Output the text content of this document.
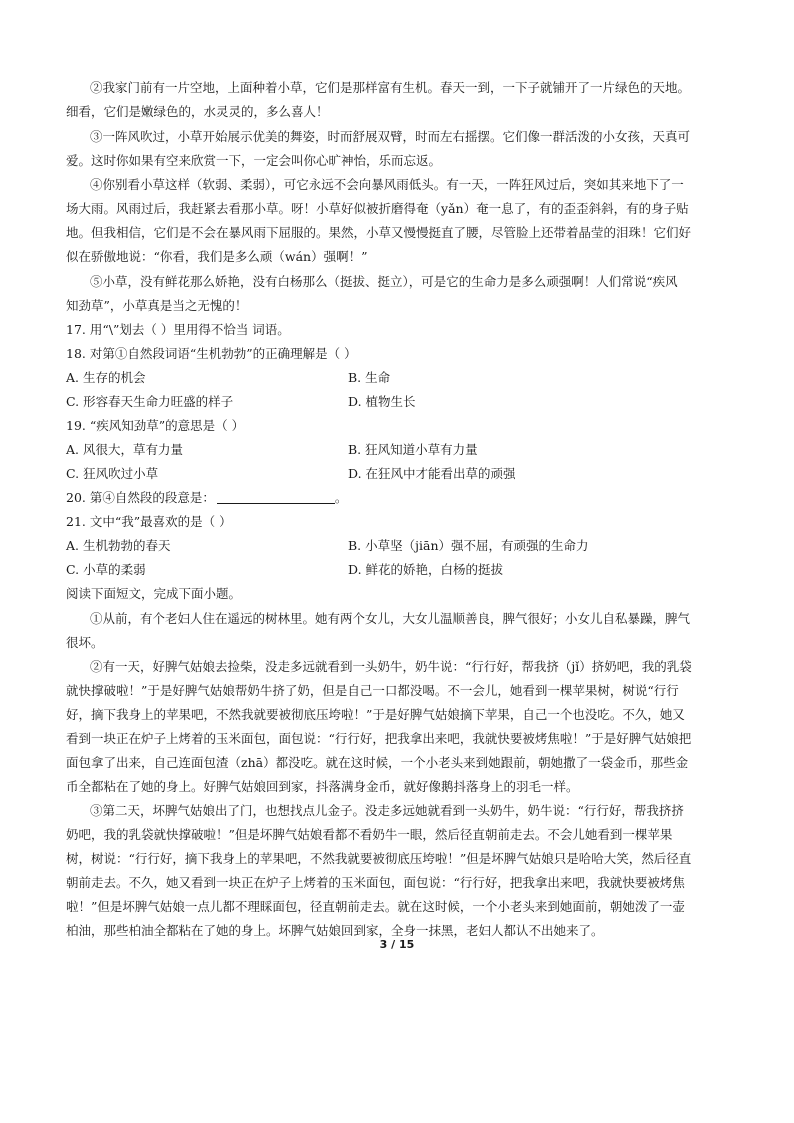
②我家门前有一片空地，上面种着小草，它们是那样富有生机。春天一到，一下子就铺开了一片绿色的天地。
细看，它们是嫩绿色的，水灵灵的，多么喜人！
③一阵风吹过，小草开始展示优美的舞姿，时而舒展双臂，时而左右摇摆。它们像一群活泼的小女孩，天真可
爱。这时你如果有空来欣赏一下，一定会叫你心旷神怡，乐而忘返。
④你别看小草这样（软弱、柔弱），可它永远不会向暴风雨低头。有一天，一阵狂风过后，突如其来地下了一
场大雨。风雨过后，我赶紧去看那小草。呀！小草好似被折磨得奄（yǎn）奄一息了，有的歪歪斜斜，有的身子贴
地。但我相信，它们是不会在暴风雨下屈服的。果然，小草又慢慢挺直了腰，尽管脸上还带着晶莹的泪珠！它们好
似在骄傲地说：“你看，我们是多么顽（wán）强啊！”
⑤小草，没有鲜花那么娇艳，没有白杨那么（挺拔、挺立），可是它的生命力是多么顽强啊！人们常说“疾风
知劲草”，小草真是当之无愧的！
17. 用“\”划去（ ）里用得不恰当 词语。
18. 对第①自然段词语“生机勃勃”的正确理解是（ ）
A. 生存的机会	B. 生命
C. 形容春天生命力旺盛的样子	D. 植物生长
19. “疾风知劲草”的意思是（ ）
A. 风很大，草有力量	B. 狂风知道小草有力量
C. 狂风吹过小草	D. 在狂风中才能看出草的顽强
20. 第④自然段的段意是：	。
21. 文中“我”最喜欢的是（ ）
A. 生机勃勃的春天	B. 小草坚（jiān）强不屈，有顽强的生命力
C. 小草的柔弱	D. 鲜花的娇艳，白杨的挺拔
阅读下面短文，完成下面小题。
①从前，有个老妇人住在遥远的树林里。她有两个女儿，大女儿温顺善良，脾气很好；小女儿自私暴躁，脾气
很坏。
②有一天，好脾气姑娘去捡柴，没走多远就看到一头奶牛，奶牛说：“行行好，帮我挤（jǐ）挤奶吧，我的乳袋
就快撑破啦！”于是好脾气姑娘帮奶牛挤了奶，但是自己一口都没喝。不一会儿，她看到一棵苹果树，树说“行行
好，摘下我身上的苹果吧，不然我就要被彻底压垮啦！”于是好脾气姑娘摘下苹果，自己一个也没吃。不久，她又
看到一块正在炉子上烤着的玉米面包，面包说：“行行好，把我拿出来吧，我就快要被烤焦啦！”于是好脾气姑娘把
面包拿了出来，自己连面包渣（zhā）都没吃。就在这时候，一个小老头来到她跟前，朝她撒了一袋金币，那些金
币全都粘在了她的身上。好脾气姑娘回到家，抖落满身金币，就好像鹅抖落身上的羽毛一样。
③第二天，坏脾气姑娘出了门，也想找点儿金子。没走多远她就看到一头奶牛，奶牛说：“行行好，帮我挤挤
奶吧，我的乳袋就快撑破啦！”但是坏脾气姑娘看都不看奶牛一眼，然后径直朝前走去。不会儿她看到一棵苹果
树，树说：“行行好，摘下我身上的苹果吧，不然我就要被彻底压垮啦！”但是坏脾气姑娘只是哈哈大笑，然后径直
朝前走去。不久，她又看到一块正在炉子上烤着的玉米面包，面包说：“行行好，把我拿出来吧，我就快要被烤焦
啦！”但是坏脾气姑娘一点儿都不理睬面包，径直朝前走去。就在这时候，一个小老头来到她面前，朝她泼了一壶
柏油，那些柏油全都粘在了她的身上。坏脾气姑娘回到家，全身一抹黑，老妇人都认不出她来了。
3 / 15
